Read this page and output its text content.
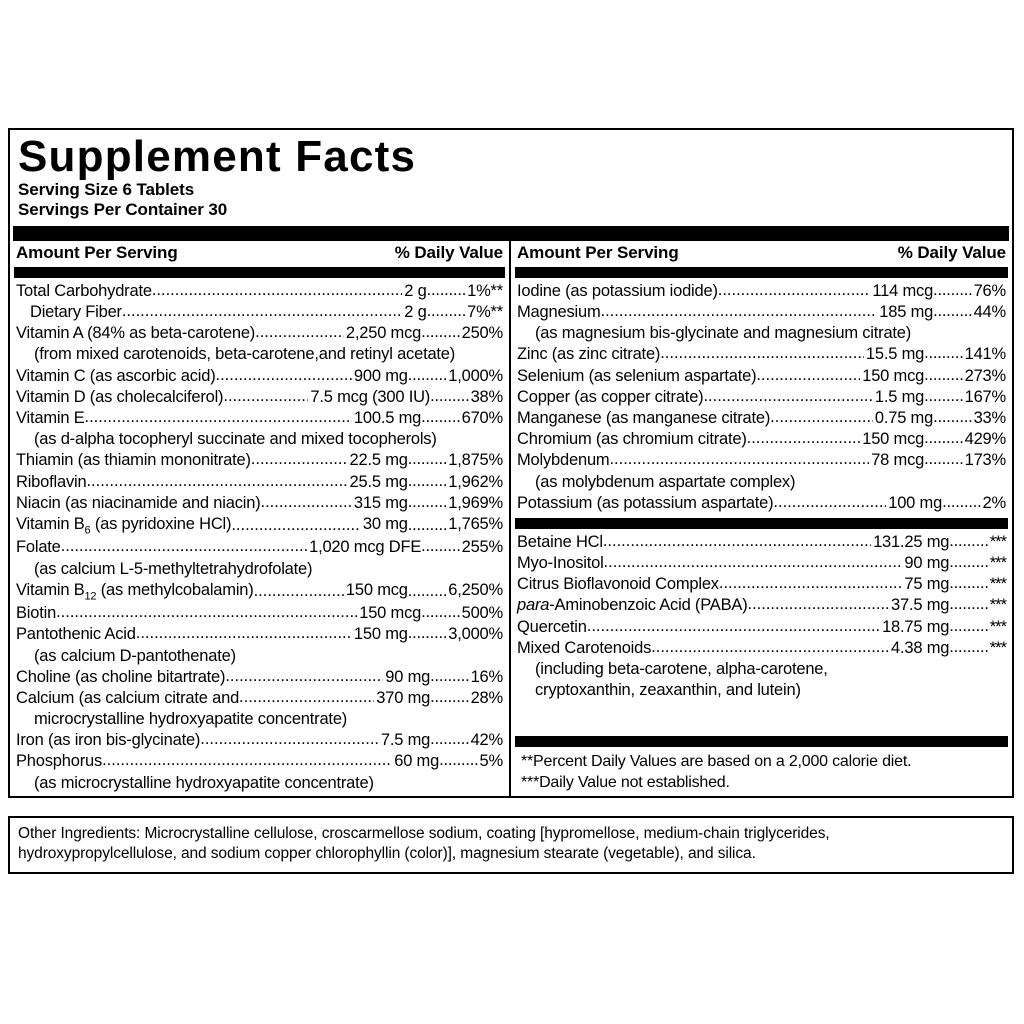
Supplement Facts
Serving Size 6 Tablets
Servings Per Container 30
Amount Per Serving	% Daily Value
Total Carbohydrate .....	2 g ......... 1%**
Dietary Fiber .....	2 g ......... 7%**
Vitamin A (84% as beta-carotene) .....	2,250 mcg ......... 250%
(from mixed carotenoids, beta-carotene,and retinyl acetate)
Vitamin C (as ascorbic acid) .....	900 mg ......... 1,000%
Vitamin D (as cholecalciferol) .....	7.5 mcg (300 IU) ......... 38%
Vitamin E .....	100.5 mg ......... 670%
(as d-alpha tocopheryl succinate and mixed tocopherols)
Thiamin (as thiamin mononitrate) .....	22.5 mg ......... 1,875%
Riboflavin .....	25.5 mg ......... 1,962%
Niacin (as niacinamide and niacin) .....	315 mg ......... 1,969%
Vitamin $B_6$ (as pyridoxine HCl) .....	30 mg ......... 1,765%
Folate .....	1,020 mcg DFE ......... 255%
(as calcium L-5-methyltetrahydrofolate)
Vitamin $B_{12}$ (as methylcobalamin) .....	150 mcg ......... 6,250%
Biotin .....	150 mcg ......... 500%
Pantothenic Acid .....	150 mg ......... 3,000%
(as calcium D-pantothenate)
Choline (as choline bitartrate) .....	90 mg ......... 16%
Calcium (as calcium citrate and .....	370 mg ......... 28%
microcrystalline hydroxyapatite concentrate)
Iron (as iron bis-glycinate) .....	7.5 mg ......... 42%
Phosphorus .....	60 mg ......... 5%
(as microcrystalline hydroxyapatite concentrate)
Amount Per Serving	% Daily Value
Iodine (as potassium iodide) .....	114 mcg ......... 76%
Magnesium .....	185 mg ......... 44%
(as magnesium bis-glycinate and magnesium citrate)
Zinc (as zinc citrate) .....	15.5 mg ......... 141%
Selenium (as selenium aspartate) .....	150 mcg ......... 273%
Copper (as copper citrate) .....	1.5 mg ......... 167%
Manganese (as manganese citrate) .....	0.75 mg ......... 33%
Chromium (as chromium citrate) .....	150 mcg ......... 429%
Molybdenum .....	78 mcg ......... 173%
(as molybdenum aspartate complex)
Potassium (as potassium aspartate) .....	100 mg ......... 2%
Betaine HCl .....	131.25 mg ......... ***
Myo-Inositol .....	90 mg ......... ***
Citrus Bioflavonoid Complex .....	75 mg ......... ***
para-Aminobenzoic Acid (PABA) .....	37.5 mg ......... ***
Quercetin .....	18.75 mg ......... ***
Mixed Carotenoids .....	4.38 mg ......... ***
(including beta-carotene, alpha-carotene,
cryptoxanthin, zeaxanthin, and lutein)
**Percent Daily Values are based on a 2,000 calorie diet.
***Daily Value not established.
Other Ingredients: Microcrystalline cellulose, croscarmellose sodium, coating [hypromellose, medium-chain triglycerides,
hydroxypropylcellulose, and sodium copper chlorophyllin (color)], magnesium stearate (vegetable), and silica.
